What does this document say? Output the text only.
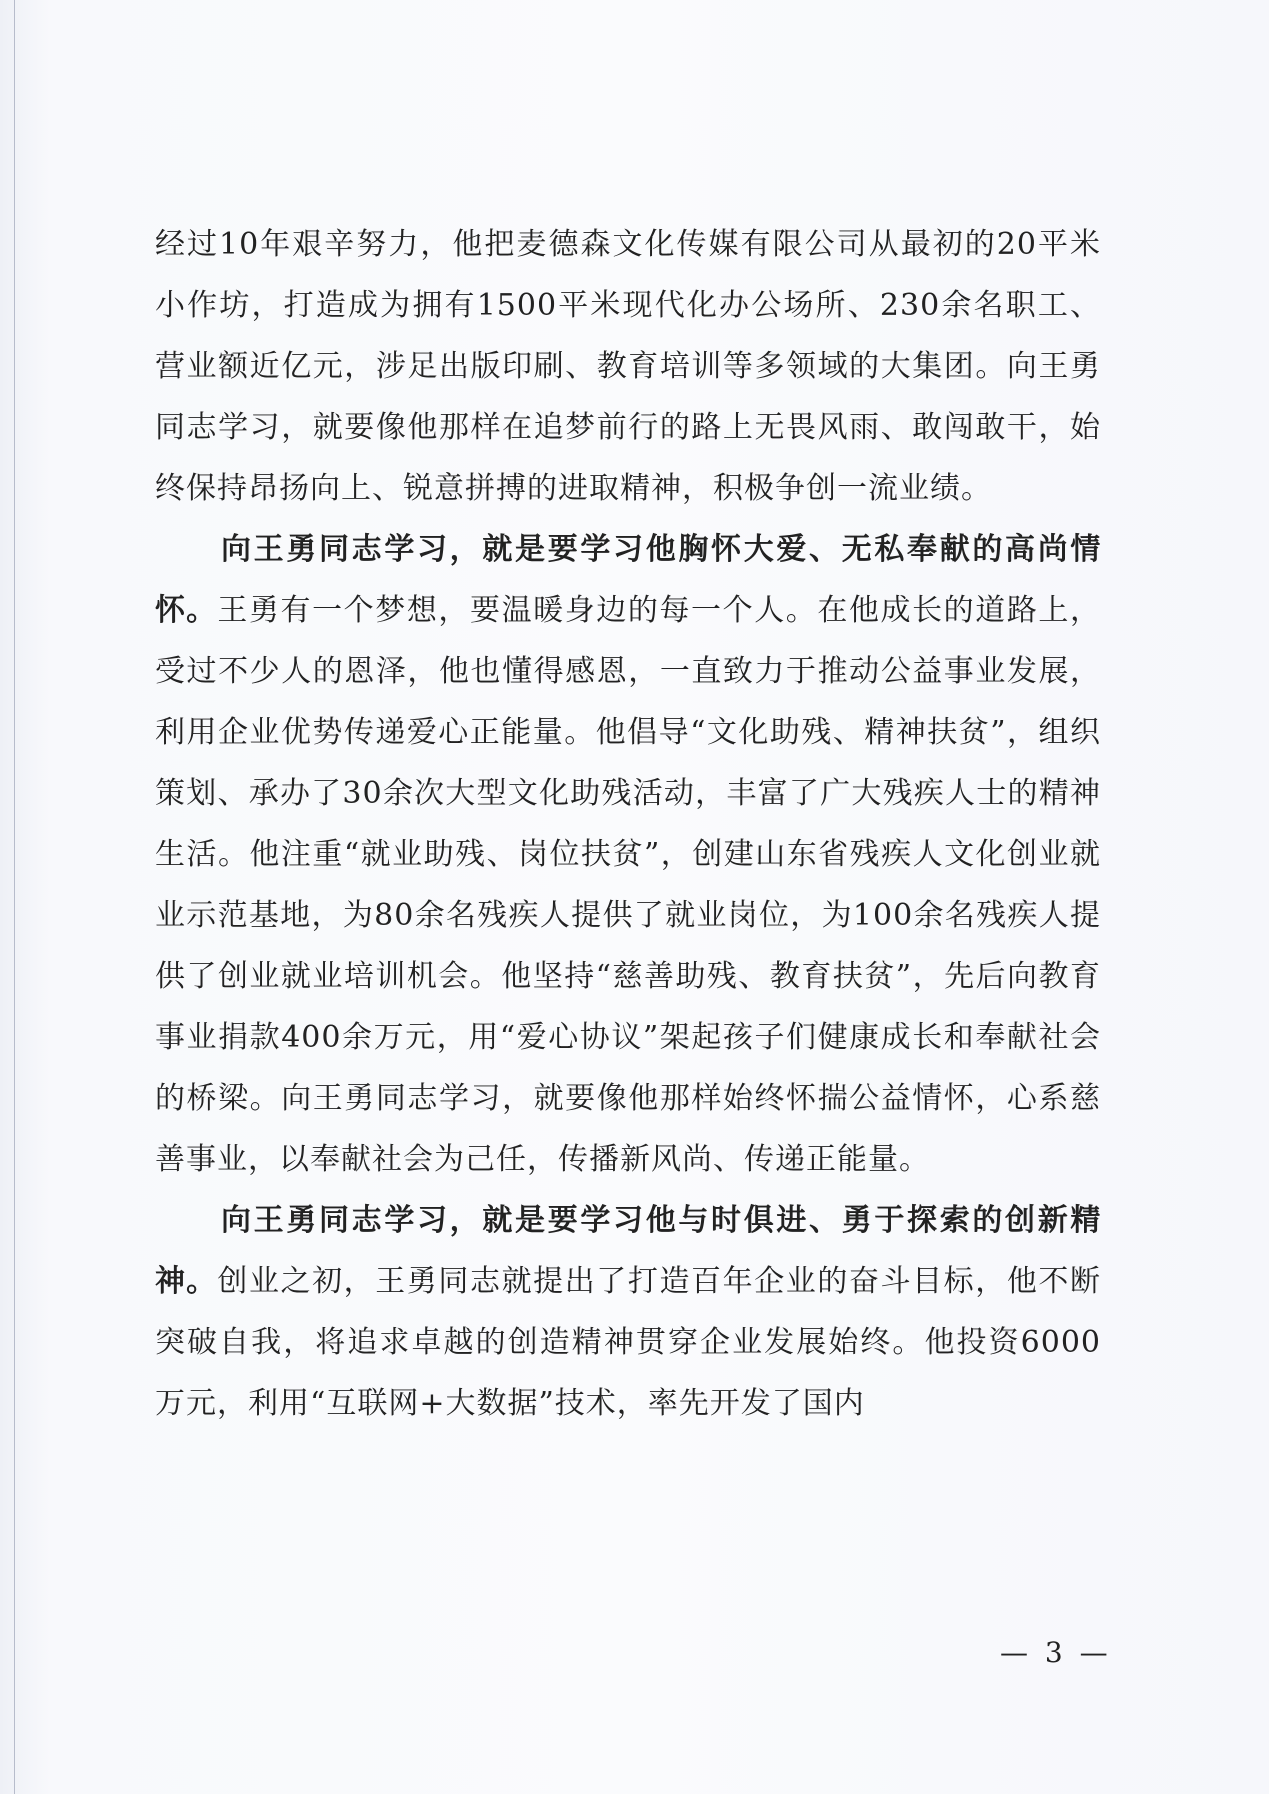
经过10年艰辛努力，他把麦德森文化传媒有限公司从最初的20平米小作坊，打造成为拥有1500平米现代化办公场所、230余名职工、营业额近亿元，涉足出版印刷、教育培训等多领域的大集团。向王勇同志学习，就要像他那样在追梦前行的路上无畏风雨、敢闯敢干，始终保持昂扬向上、锐意拼搏的进取精神，积极争创一流业绩。

向王勇同志学习，就是要学习他胸怀大爱、无私奉献的高尚情怀。王勇有一个梦想，要温暖身边的每一个人。在他成长的道路上，受过不少人的恩泽，他也懂得感恩，一直致力于推动公益事业发展，利用企业优势传递爱心正能量。他倡导“文化助残、精神扶贫”，组织策划、承办了30余次大型文化助残活动，丰富了广大残疾人士的精神生活。他注重“就业助残、岗位扶贫”，创建山东省残疾人文化创业就业示范基地，为80余名残疾人提供了就业岗位，为100余名残疾人提供了创业就业培训机会。他坚持“慈善助残、教育扶贫”，先后向教育事业捐款400余万元，用“爱心协议”架起孩子们健康成长和奉献社会的桥梁。向王勇同志学习，就要像他那样始终怀揣公益情怀，心系慈善事业，以奉献社会为己任，传播新风尚、传递正能量。

向王勇同志学习，就是要学习他与时俱进、勇于探索的创新精神。创业之初，王勇同志就提出了打造百年企业的奋斗目标，他不断突破自我，将追求卓越的创造精神贯穿企业发展始终。他投资6000万元，利用“互联网+大数据”技术，率先开发了国内

— 3 —
